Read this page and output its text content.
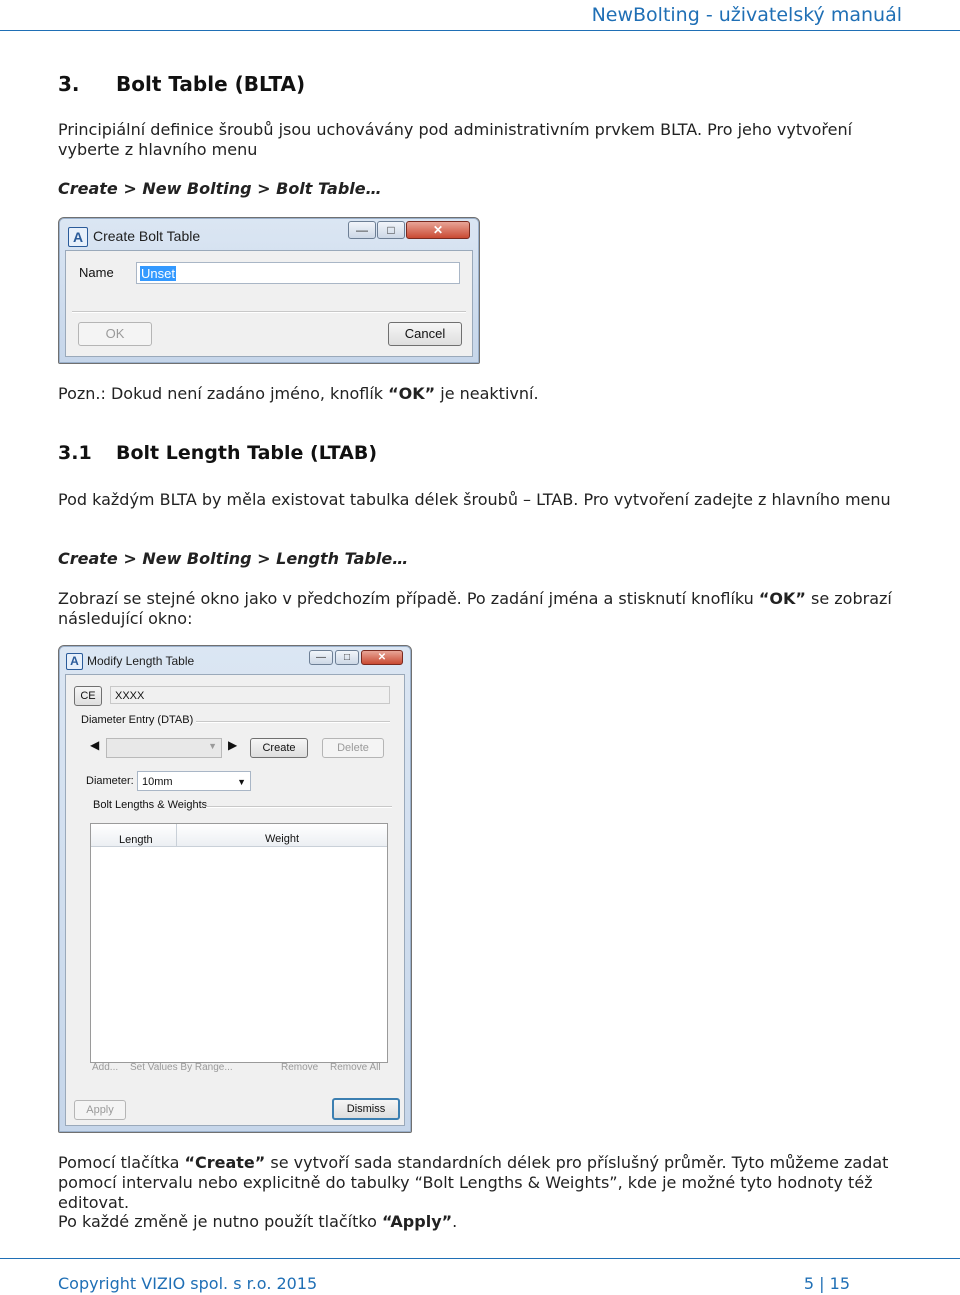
NewBolting - uživatelský manuál
3. Bolt Table (BLTA)

Principiální definice šroubů jsou uchovávány pod administrativním prvkem BLTA. Pro jeho vytvoření vyberte z hlavního menu

Create > New Bolting > Bolt Table…

A Create Bolt Table	—	□	✕
Name	Unset
OK	Cancel

Pozn.: Dokud není zadáno jméno, knoflík “OK” je neaktivní.

3.1 Bolt Length Table (LTAB)

Pod každým BLTA by měla existovat tabulka délek šroubů – LTAB. Pro vytvoření zadejte z hlavního menu

Create > New Bolting > Length Table…

Zobrazí se stejné okno jako v předchozím případě. Po zadání jména a stisknutí knoflíku “OK” se zobrazí následující okno:

A Modify Length Table	—	□	✕
CE	XXXX
Diameter Entry (DTAB)
◀	▼ ▶	Create	Delete
Diameter: 10mm	▼
Bolt Lengths & Weights
Length	Weight
Add... Set Values By Range...	Remove Remove All
Apply	Dismiss

Pomocí tlačítka “Create” se vytvoří sada standardních délek pro příslušný průměr. Tyto můžeme zadat pomocí intervalu nebo explicitně do tabulky “Bolt Lengths & Weights”, kde je možné tyto hodnoty též editovat.

Po každé změně je nutno použít tlačítko “Apply”.

Copyright VIZIO spol. s r.o. 2015	5 | 15
